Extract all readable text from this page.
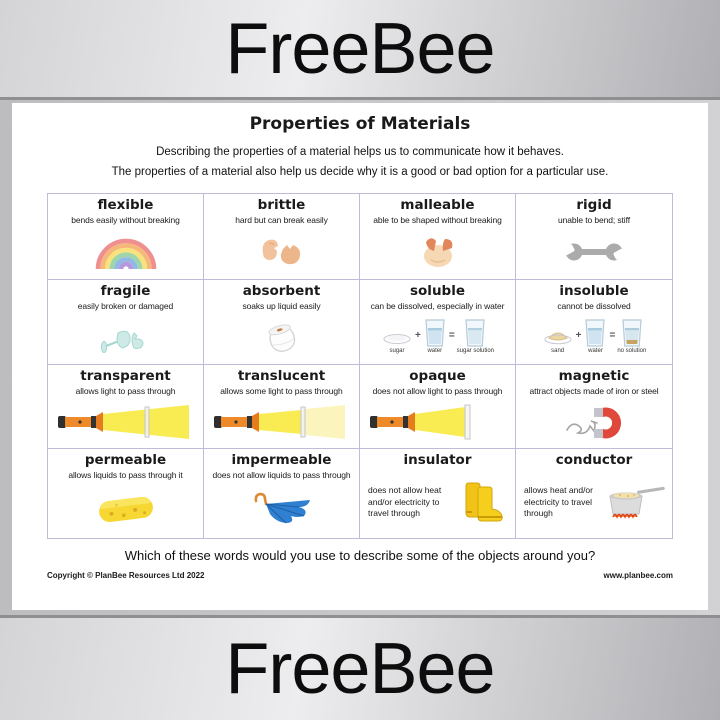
FreeBee
Properties of Materials
Describing the properties of a material helps us to communicate how it behaves.
The properties of a material also help us decide why it is a good or bad option for a particular use.
flexible
bends easily without breaking
brittle
hard but can break easily
malleable
able to be shaped without breaking
rigid
unable to bend; stiff
fragile
easily broken or damaged
absorbent
soaks up liquid easily
soluble
can be dissolved, especially in water
sugar
+
water
=
sugar solution
insoluble
cannot be dissolved
sand
+
water
=
no solution
transparent
allows light to pass through
translucent
allows some light to pass through
opaque
does not allow light to pass through
magnetic
attract objects made of iron or steel
permeable
allows liquids to pass through it
impermeable
does not allow liquids to pass through
insulator
does not allow heat and/or electricity to travel through
conductor
allows heat and/or electricity to travel through
Which of these words would you use to describe some of the objects around you?
Copyright © PlanBee Resources Ltd 2022	www.planbee.com
FreeBee
